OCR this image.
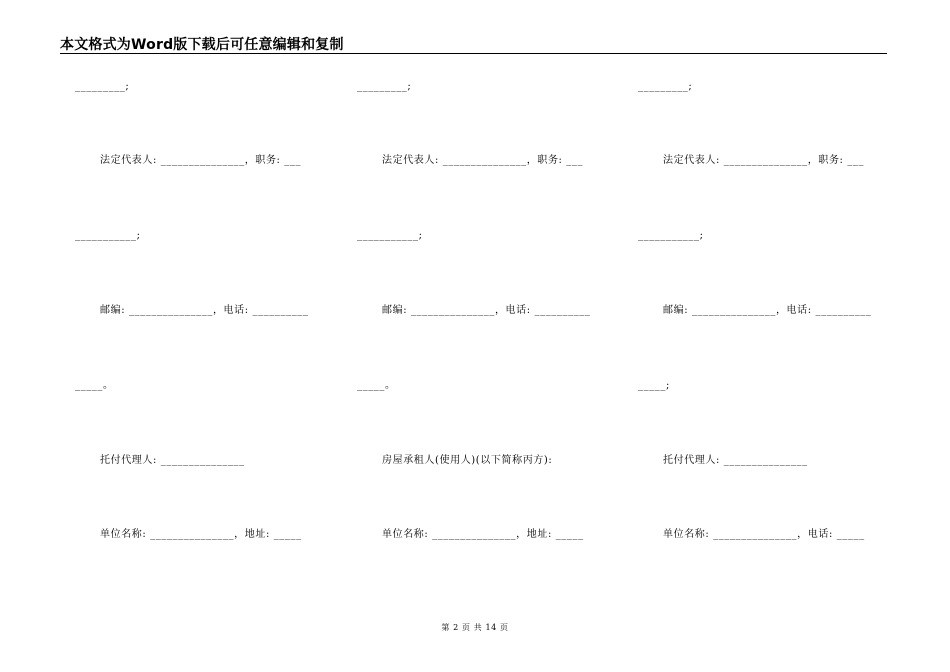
本文格式为Word版下载后可任意编辑和复制
_________;
法定代表人: _______________，职务: ___
___________;
邮编: _______________，电话: __________
_____。
托付代理人: _______________
单位名称: _______________，地址: _____
_________;
法定代表人: _______________，职务: ___
___________;
邮编: _______________，电话: __________
_____。
房屋承租人(使用人)(以下简称丙方):
单位名称: _______________，地址: _____
_________;
法定代表人: _______________，职务: ___
___________;
邮编: _______________，电话: __________
_____;
托付代理人: _______________
单位名称: _______________，电话: _____
第 2 页 共 14 页
